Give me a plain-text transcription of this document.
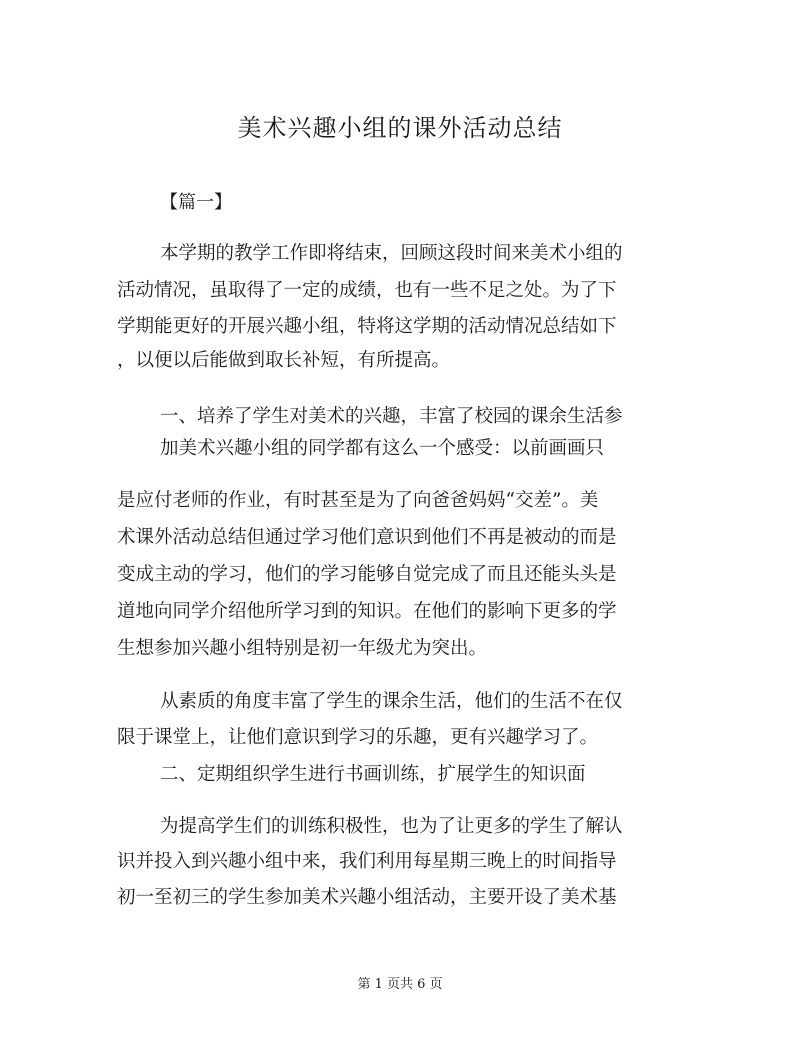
美术兴趣小组的课外活动总结

【篇一】

本学期的教学工作即将结束，回顾这段时间来美术小组的

活动情况，虽取得了一定的成绩，也有一些不足之处。为了下

学期能更好的开展兴趣小组，特将这学期的活动情况总结如下

，以便以后能做到取长补短，有所提高。

一、培养了学生对美术的兴趣，丰富了校园的课余生活参

加美术兴趣小组的同学都有这么一个感受：以前画画只

是应付老师的作业，有时甚至是为了向爸爸妈妈“交差”。美

术课外活动总结但通过学习他们意识到他们不再是被动的而是

变成主动的学习，他们的学习能够自觉完成了而且还能头头是

道地向同学介绍他所学习到的知识。在他们的影响下更多的学

生想参加兴趣小组特别是初一年级尤为突出。

从素质的角度丰富了学生的课余生活，他们的生活不在仅

限于课堂上，让他们意识到学习的乐趣，更有兴趣学习了。

二、定期组织学生进行书画训练，扩展学生的知识面

为提高学生们的训练积极性，也为了让更多的学生了解认

识并投入到兴趣小组中来，我们利用每星期三晚上的时间指导

初一至初三的学生参加美术兴趣小组活动，主要开设了美术基

第 1 页共 6 页
